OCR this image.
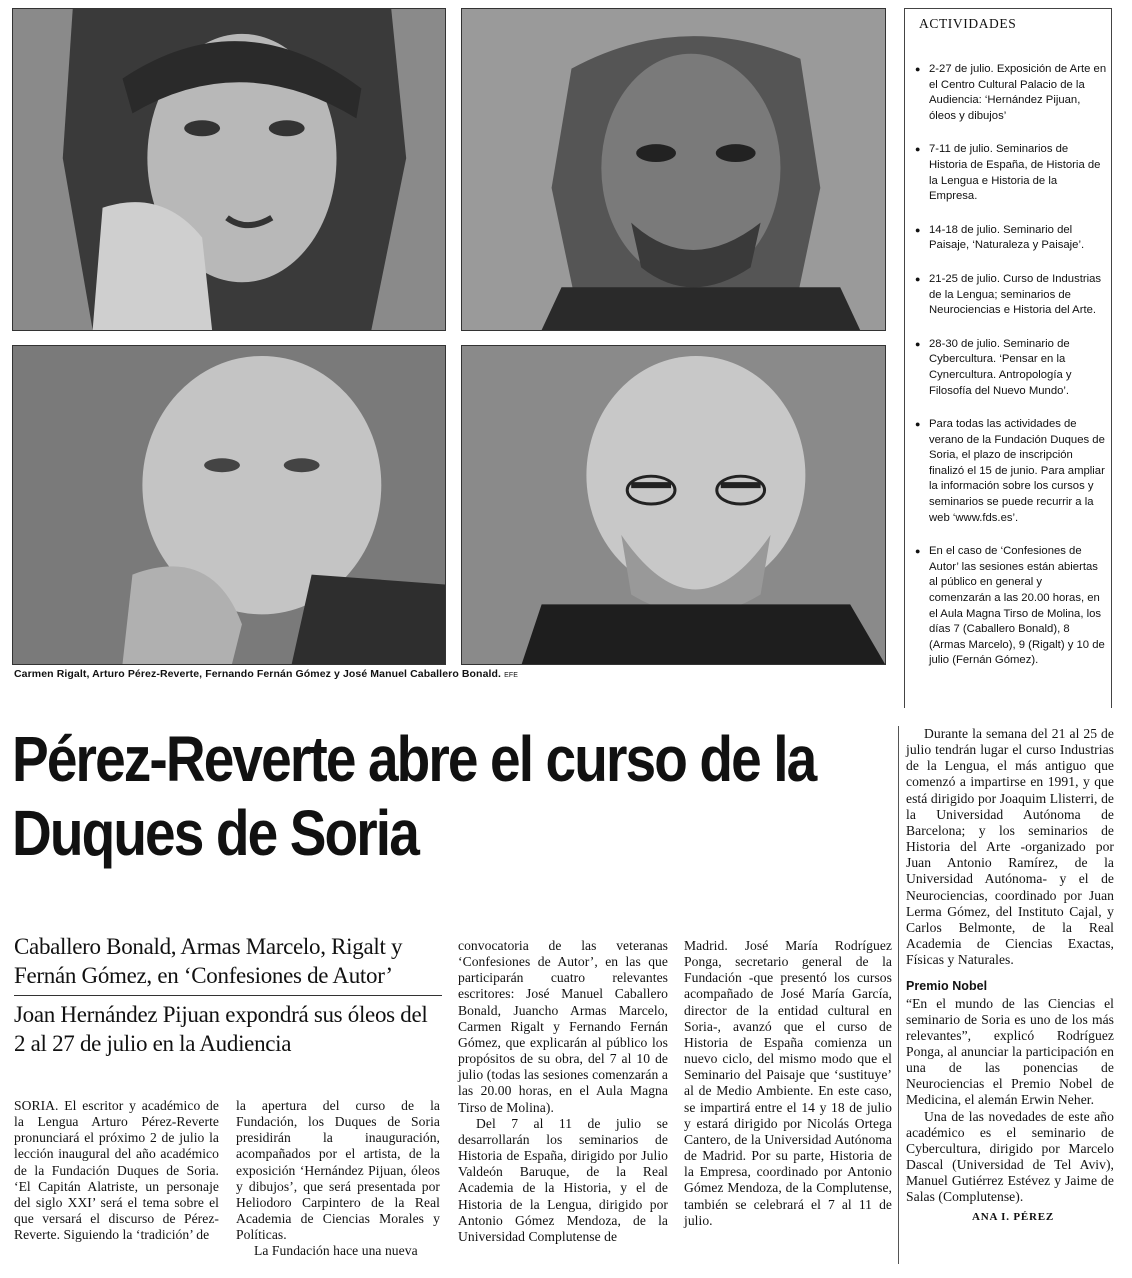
Carmen Rigalt, Arturo Pérez-Reverte, Fernando Fernán Gómez y José Manuel Caballero Bonald. EFE
ACTIVIDADES
● 2-27 de julio. Exposición de Arte en el Centro Cultural Palacio de la Audiencia: ‘Hernández Pijuan, óleos y dibujos’
● 7-11 de julio. Seminarios de Historia de España, de Historia de la Lengua e Historia de la Empresa.
● 14-18 de julio. Seminario del Paisaje, ‘Naturaleza y Paisaje’.
● 21-25 de julio. Curso de Industrias de la Lengua; seminarios de Neurociencias e Historia del Arte.
● 28-30 de julio. Seminario de Cybercultura. ‘Pensar en la Cynercultura. Antropología y Filosofía del Nuevo Mundo’.
● Para todas las actividades de verano de la Fundación Duques de Soria, el plazo de inscripción finalizó el 15 de junio. Para ampliar la información sobre los cursos y seminarios se puede recurrir a la web ‘www.fds.es’.
● En el caso de ‘Confesiones de Autor’ las sesiones están abiertas al público en general y comenzarán a las 20.00 horas, en el Aula Magna Tirso de Molina, los días 7 (Caballero Bonald), 8 (Armas Marcelo), 9 (Rigalt) y 10 de julio (Fernán Gómez).
Pérez-Reverte abre el curso de la Duques de Soria

Caballero Bonald, Armas Marcelo, Rigalt y Fernán Gómez, en ‘Confesiones de Autor’

Joan Hernández Pijuan expondrá sus óleos del 2 al 27 de julio en la Audiencia

SORIA. El escritor y académico de la Lengua Arturo Pérez-Reverte pronunciará el próximo 2 de julio la lección inaugural del año académico de la Fundación Duques de Soria. ‘El Capitán Alatriste, un personaje del siglo XXI’ será el tema sobre el que versará el discurso de Pérez-Reverte. Siguiendo la ‘tradición’ de

la apertura del curso de la Fundación, los Duques de Soria presidirán la inauguración, acompañados por el artista, de la exposición ‘Hernández Pijuan, óleos y dibujos’, que será presentada por Heliodoro Carpintero de la Real Academia de Ciencias Morales y Políticas.

La Fundación hace una nueva

convocatoria de las veteranas ‘Confesiones de Autor’, en las que participarán cuatro relevantes escritores: José Manuel Caballero Bonald, Juancho Armas Marcelo, Carmen Rigalt y Fernando Fernán Gómez, que explicarán al público los propósitos de su obra, del 7 al 10 de julio (todas las sesiones comenzarán a las 20.00 horas, en el Aula Magna Tirso de Molina).

Del 7 al 11 de julio se desarrollarán los seminarios de Historia de España, dirigido por Julio Valdeón Baruque, de la Real Academia de la Historia, y el de Historia de la Lengua, dirigido por Antonio Gómez Mendoza, de la Universidad Complutense de

Madrid. José María Rodríguez Ponga, secretario general de la Fundación -que presentó los cursos acompañado de José María García, director de la entidad cultural en Soria-, avanzó que el curso de Historia de España comienza un nuevo ciclo, del mismo modo que el Seminario del Paisaje que ‘sustituye’ al de Medio Ambiente. En este caso, se impartirá entre el 14 y 18 de julio y estará dirigido por Nicolás Ortega Cantero, de la Universidad Autónoma de Madrid. Por su parte, Historia de la Empresa, coordinado por Antonio Gómez Mendoza, de la Complutense, también se celebrará el 7 al 11 de julio.

Durante la semana del 21 al 25 de julio tendrán lugar el curso Industrias de la Lengua, el más antiguo que comenzó a impartirse en 1991, y que está dirigido por Joaquim Llisterri, de la Universidad Autónoma de Barcelona; y los seminarios de Historia del Arte -organizado por Juan Antonio Ramírez, de la Universidad Autónoma- y el de Neurociencias, coordinado por Juan Lerma Gómez, del Instituto Cajal, y Carlos Belmonte, de la Real Academia de Ciencias Exactas, Físicas y Naturales.

Premio Nobel

“En el mundo de las Ciencias el seminario de Soria es uno de los más relevantes”, explicó Rodríguez Ponga, al anunciar la participación en una de las ponencias de Neurociencias el Premio Nobel de Medicina, el alemán Erwin Neher.

Una de las novedades de este año académico es el seminario de Cybercultura, dirigido por Marcelo Dascal (Universidad de Tel Aviv), Manuel Gutiérrez Estévez y Jaime de Salas (Complutense).

ANA I. PÉREZ
